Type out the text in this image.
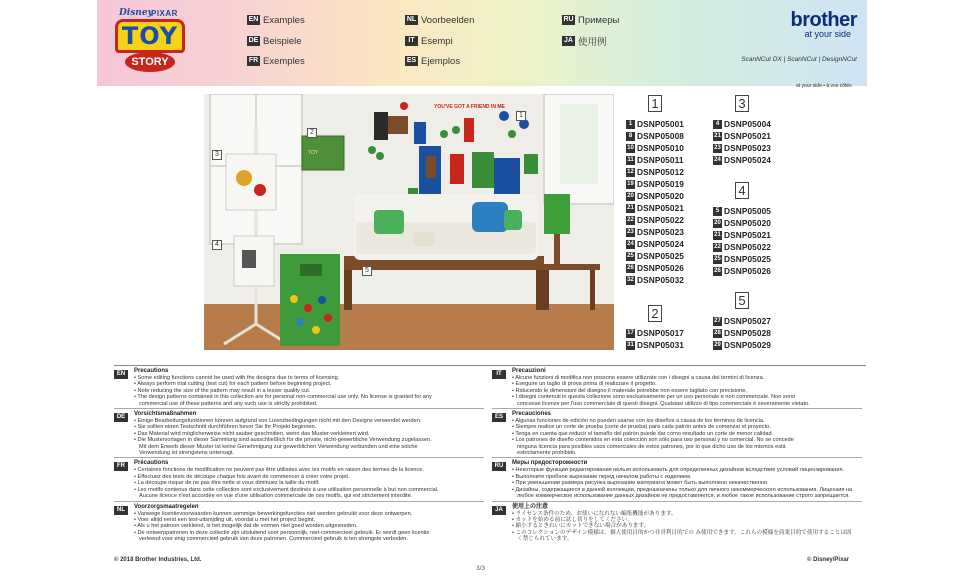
Disney
PIXAR
TOY
STORY
EN Examples
DE Beispiele
FR Exemples
NL Voorbeelden
IT Esempi
ES Ejemplos
RU Примеры
JA 使用例
brother
at your side
ScanNCut DX | ScanNCut | DesignNCut
at your side • à vos côtés
YOU'VE GOT A FRIEND IN ME
TOY
1
2
3
4
5
1
1 DSNP05001
8 DSNP05008
10 DSNP05010
11 DSNP05011
12 DSNP05012
19 DSNP05019
20 DSNP05020
21 DSNP05021
22 DSNP05022
23 DSNP05023
24 DSNP05024
25 DSNP05025
26 DSNP05026
32 DSNP05032
2
17 DSNP05017
31 DSNP05031
3
4 DSNP05004
21 DSNP05021
23 DSNP05023
24 DSNP05024
4
5 DSNP05005
20 DSNP05020
21 DSNP05021
22 DSNP05022
25 DSNP05025
26 DSNP05026
5
27 DSNP05027
28 DSNP05028
29 DSNP05029
EN	Precautions
• Some editing functions cannot be used with the designs due to terms of licensing.
• Always perform trial cutting (test cut) for each pattern before beginning project.
• Note reducing the size of the pattern may result in a lesser quality cut.
• The design patterns contained in this collection are for personal non-commercial use only. No license is granted for any
commercial use of these patterns and any such use is strictly prohibited.
DE	Vorsichtsmaßnahmen
• Einige Bearbeitungsfunktionen können aufgrund von Lizenzbedingungen nicht mit den Designs verwendet werden.
• Sie sollten einen Testschnitt durchführen bevor Sie Ihr Projekt beginnen.
• Das Material wird möglicherweise nicht sauber geschnitten, wenn das Muster verkleinert wird.
• Die Mustervorlagen in dieser Sammlung sind ausschließlich für die private, nicht-gewerbliche Verwendung zugelassen.
Mit dem Erwerb dieser Muster ist keine Genehmigung zur gewerblichen Verwendung verbunden und eine solche
Verwendung ist strengstens untersagt.
FR	Précautions
• Certaines fonctions de modification ne peuvent pas être utilisées avec les motifs en raison des termes de la licence.
• Effectuez des tests de découpe chaque fois avant de commencer à créer votre projet.
• La découpe risque de ne pas être nette si vous diminuez la taille du motif.
• Les motifs contenus dans cette collection sont exclusivement destinés à une utilisation personnelle à but non commercial.
Aucune licence n'est accordée en vue d'une utilisation commerciale de ces motifs, qui est strictement interdite.
NL	Voorzorgsmaatregelen
• Vanwege licentievoorwaarden kunnen sommige bewerkingsfuncties niet worden gebruikt voor deze ontwerpen.
• Voer altijd eerst een test-uitsnijding uit, voordat u met het project begint.
• Als u het patroon verkleind, is het mogelijk dat de vormen niet goed worden uitgesneden.
• De ontwerppatronen in deze collectie zijn uitsluitend voor persoonlijk, niet-commercieel gebruik. Er wordt geen licentie
verleend voor enig commercieel gebruik van deze patronen. Commercieel gebruik is ten strengste verboden.
IT	Precauzioni
• Alcune funzioni di modifica non possono essere utilizzate con i disegni a causa dei termini di licenza.
• Eseguire un taglio di prova prima di realizzare il progetto.
• Riducendo le dimensioni del disegno il materiale potrebbe non essere tagliato con precisione.
• I disegni contenuti in questa collezione sono esclusivamente per un uso personale e non commerciale. Non sono
concesse licenze per l'uso commerciale di questi disegni. Qualsiasi utilizzo di tipo commerciale è severamente vietato.
ES	Precauciones
• Algunas funciones de edición no pueden usarse con los diseños a causa de los términos de licencia.
• Siempre realice un corte de prueba (corte de prueba) para cada patrón antes de comenzar el proyecto.
• Tenga en cuenta que reducir el tamaño del patrón puede dar como resultado un corte de menor calidad.
• Los patrones de diseño contenidos en esta colección son sólo para uso personal y no comercial. No se concede
ninguna licencia para posibles usos comerciales de estos patrones, por lo que dicho uso de los mismos está
estrictamente prohibido.
RU	Меры предосторожности
• Некоторые функции редактирования нельзя использовать для определенных дизайнов вследствие условий лицензирования.
• Выполните пробное вырезание перед началом работы с изделием.
• При уменьшении размера рисунка вырезание материала может быть выполнено некачественно.
• Дизайны, содержащиеся в данной коллекции, предназначены только для личного некоммерческого использования. Лицензия на
любое коммерческое использование данных дизайнов не предоставляется, и любое такое использование строго запрещается.
JA	使用上の注意
• ライセンス条件のため、お使いになれない編集機能があります。
• カットを始める前に試し切りをしてください。
• 縮小するときれいにカットできない場合があります。
• このコレクションのデザイン模様は、個人使用目的かつ非営利目的での み使用できます。これらの模様を商業目的で使用することは固
く禁じられています。
© 2018 Brother Industries, Ltd.	© Disney/Pixar
3/3
